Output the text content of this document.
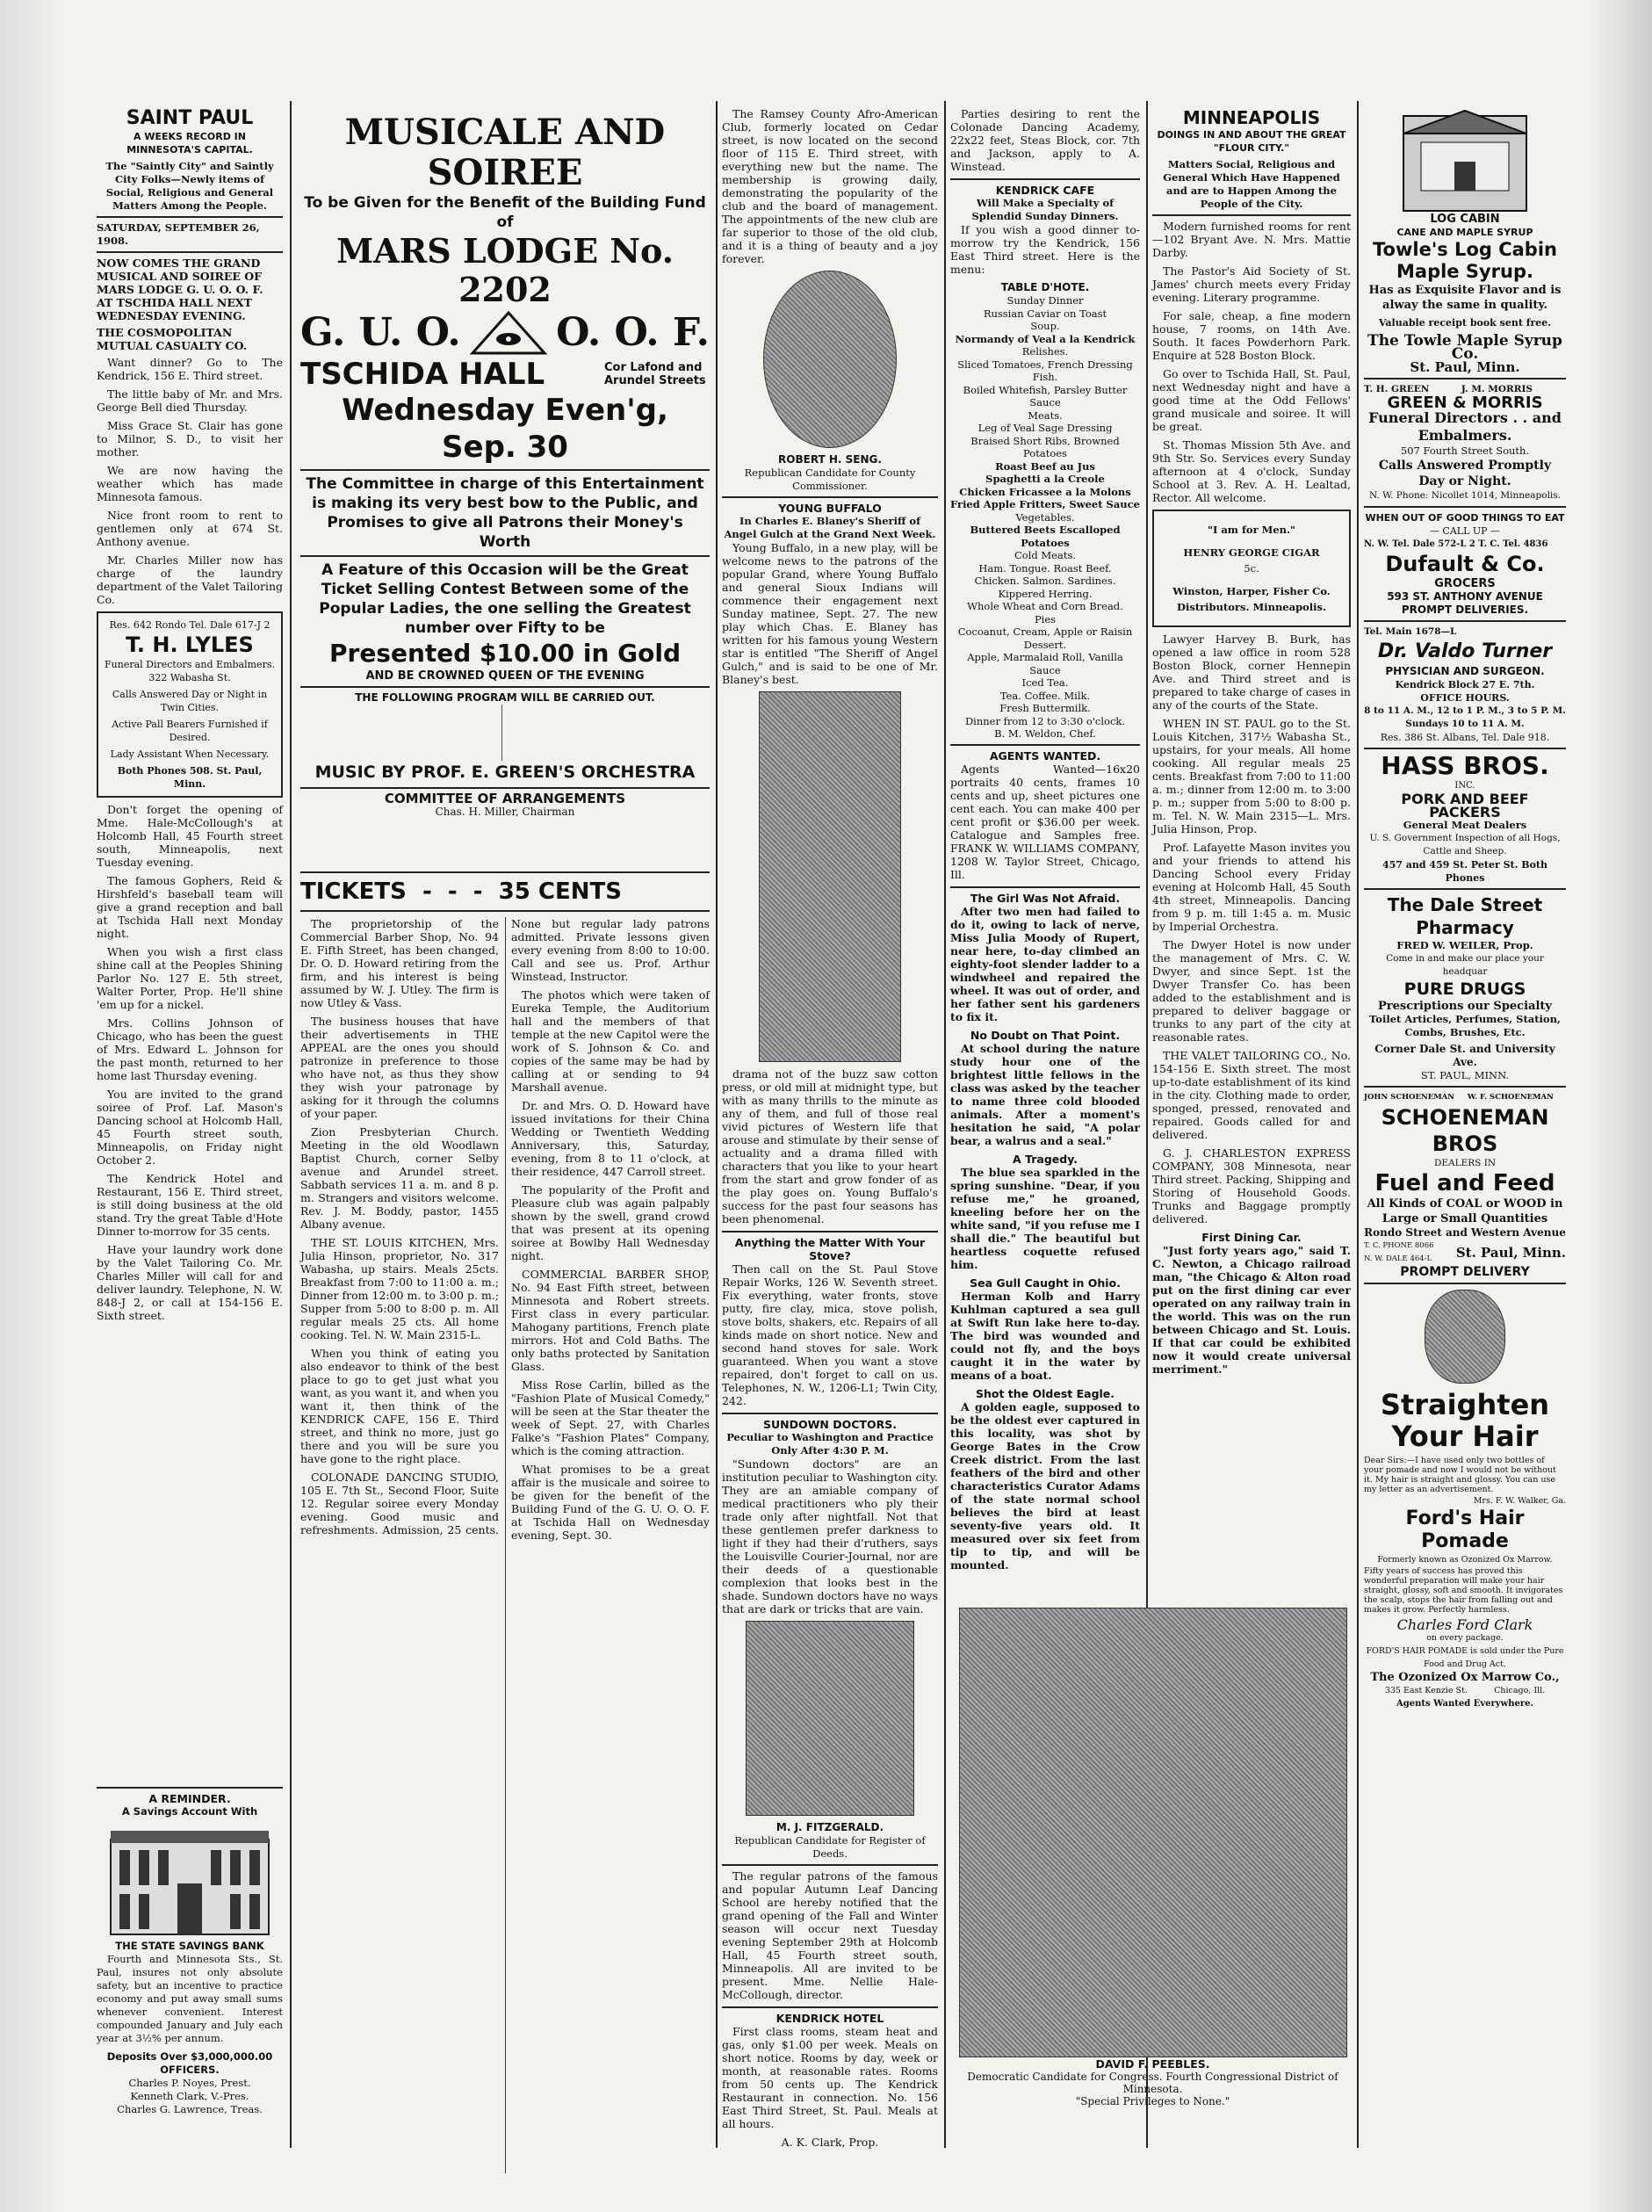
SAINT PAUL
A WEEKS RECORD IN MINNESOTA'S CAPITAL.
The "Saintly City" and Saintly City Folks—Newly items of Social, Religious and General Matters Among the People.
SATURDAY, SEPTEMBER 26, 1908.
NOW COMES THE GRAND MUSICAL AND SOIREE OF MARS LODGE G. U. O. O. F. AT TSCHIDA HALL NEXT WEDNESDAY EVENING.
THE COSMOPOLITAN MUTUAL CASUALTY CO.

Want dinner? Go to The Kendrick, 156 E. Third street.

The little baby of Mr. and Mrs. George Bell died Thursday.

Miss Grace St. Clair has gone to Milnor, S. D., to visit her mother.

We are now having the weather which has made Minnesota famous.

Nice front room to rent to gentlemen only at 674 St. Anthony avenue.

Mr. Charles Miller now has charge of the laundry department of the Valet Tailoring Co.

Res. 642 Rondo Tel. Dale 617-J 2
T. H. LYLES
Funeral Directors and Embalmers. 322 Wabasha St.
Calls Answered Day or Night in Twin Cities.
Active Pall Bearers Furnished if Desired.
Lady Assistant When Necessary.
Both Phones 508. St. Paul, Minn.

Don't forget the opening of Mme. Hale-McCollough's at Holcomb Hall, 45 Fourth street south, Minneapolis, next Tuesday evening.

The famous Gophers, Reid & Hirshfeld's baseball team will give a grand reception and ball at Tschida Hall next Monday night.

When you wish a first class shine call at the Peoples Shining Parlor No. 127 E. 5th street, Walter Porter, Prop. He'll shine 'em up for a nickel.

Mrs. Collins Johnson of Chicago, who has been the guest of Mrs. Edward L. Johnson for the past month, returned to her home last Thursday evening.

You are invited to the grand soiree of Prof. Laf. Mason's Dancing school at Holcomb Hall, 45 Fourth street south, Minneapolis, on Friday night October 2.

The Kendrick Hotel and Restaurant, 156 E. Third street, is still doing business at the old stand. Try the great Table d'Hote Dinner to-morrow for 35 cents.

Have your laundry work done by the Valet Tailoring Co. Mr. Charles Miller will call for and deliver laundry. Telephone, N. W. 848-J 2, or call at 154-156 E. Sixth street.

A REMINDER.
A Savings Account With
THE STATE SAVINGS BANK

Fourth and Minnesota Sts., St. Paul, insures not only absolute safety, but an incentive to practice economy and put away small sums whenever convenient. Interest compounded January and July each year at 3½% per annum.

Deposits Over $3,000,000.00
OFFICERS.
Charles P. Noyes, Prest.
Kenneth Clark, V.-Pres.
Charles G. Lawrence, Treas.
MUSICALE AND SOIREE
To be Given for the Benefit of the Building Fund of
MARS LODGE No. 2202
G. U. O. O. O. F.
TSCHIDA HALL	Cor Lafond and Arundel Streets
Wednesday Even'g, Sep. 30
The Committee in charge of this Entertainment is making its very best bow to the Public, and Promises to give all Patrons their Money's Worth
A Feature of this Occasion will be the Great Ticket Selling Contest Between some of the Popular Ladies, the one selling the Greatest number over Fifty to be
Presented $10.00 in Gold
AND BE CROWNED QUEEN OF THE EVENING
THE FOLLOWING PROGRAM WILL BE CARRIED OUT.
MUSIC BY PROF. E. GREEN'S ORCHESTRA
COMMITTEE OF ARRANGEMENTS
Chas. H. Miller, Chairman
TICKETS  -  -  -  35 CENTS

The proprietorship of the Commercial Barber Shop, No. 94 E. Fifth Street, has been changed, Dr. O. D. Howard retiring from the firm, and his interest is being assumed by W. J. Utley. The firm is now Utley & Vass.

The business houses that have their advertisements in THE APPEAL are the ones you should patronize in preference to those who have not, as thus they show they wish your patronage by asking for it through the columns of your paper.

Zion Presbyterian Church. Meeting in the old Woodlawn Baptist Church, corner Selby avenue and Arundel street. Sabbath services 11 a. m. and 8 p. m. Strangers and visitors welcome. Rev. J. M. Boddy, pastor, 1455 Albany avenue.

THE ST. LOUIS KITCHEN, Mrs. Julia Hinson, proprietor, No. 317 Wabasha, up stairs. Meals 25cts. Breakfast from 7:00 to 11:00 a. m.; Dinner from 12:00 m. to 3:00 p. m.; Supper from 5:00 to 8:00 p. m. All regular meals 25 cts. All home cooking. Tel. N. W. Main 2315-L.

When you think of eating you also endeavor to think of the best place to go to get just what you want, as you want it, and when you want it, then think of the KENDRICK CAFE, 156 E. Third street, and think no more, just go there and you will be sure you have gone to the right place.

COLONADE DANCING STUDIO, 105 E. 7th St., Second Floor, Suite 12. Regular soiree every Monday evening. Good music and refreshments. Admission, 25 cents. None but regular lady patrons admitted. Private lessons given every evening from 8:00 to 10:00. Call and see us. Prof. Arthur Winstead, Instructor.

The photos which were taken of Eureka Temple, the Auditorium hall and the members of that temple at the new Capitol were the work of S. Johnson & Co. and copies of the same may be had by calling at or sending to 94 Marshall avenue.

Dr. and Mrs. O. D. Howard have issued invitations for their China Wedding or Twentieth Wedding Anniversary, this, Saturday, evening, from 8 to 11 o'clock, at their residence, 447 Carroll street.

The popularity of the Profit and Pleasure club was again palpably shown by the swell, grand crowd that was present at its opening soiree at Bowlby Hall Wednesday night.

COMMERCIAL BARBER SHOP, No. 94 East Fifth street, between Minnesota and Robert streets. First class in every particular. Mahogany partitions, French plate mirrors. Hot and Cold Baths. The only baths protected by Sanitation Glass.

Miss Rose Carlin, billed as the "Fashion Plate of Musical Comedy," will be seen at the Star theater the week of Sept. 27, with Charles Falke's "Fashion Plates" Company, which is the coming attraction.

What promises to be a great affair is the musicale and soiree to be given for the benefit of the Building Fund of the G. U. O. O. F. at Tschida Hall on Wednesday evening, Sept. 30.

The Ramsey County Afro-American Club, formerly located on Cedar street, is now located on the second floor of 115 E. Third street, with everything new but the name. The membership is growing daily, demonstrating the popularity of the club and the board of management. The appointments of the new club are far superior to those of the old club, and it is a thing of beauty and a joy forever.

ROBERT H. SENG.
Republican Candidate for County Commissioner.
YOUNG BUFFALO
In Charles E. Blaney's Sheriff of Angel Gulch at the Grand Next Week.

Young Buffalo, in a new play, will be welcome news to the patrons of the popular Grand, where Young Buffalo and general Sioux Indians will commence their engagement next Sunday matinee, Sept. 27. The new play which Chas. E. Blaney has written for his famous young Western star is entitled "The Sheriff of Angel Gulch," and is said to be one of Mr. Blaney's best.

drama not of the buzz saw cotton press, or old mill at midnight type, but with as many thrills to the minute as any of them, and full of those real vivid pictures of Western life that arouse and stimulate by their sense of actuality and a drama filled with characters that you like to your heart from the start and grow fonder of as the play goes on. Young Buffalo's success for the past four seasons has been phenomenal.

Anything the Matter With Your Stove?

Then call on the St. Paul Stove Repair Works, 126 W. Seventh street. Fix everything, water fronts, stove putty, fire clay, mica, stove polish, stove bolts, shakers, etc. Repairs of all kinds made on short notice. New and second hand stoves for sale. Work guaranteed. When you want a stove repaired, don't forget to call on us. Telephones, N. W., 1206-L1; Twin City, 242.

SUNDOWN DOCTORS.
Peculiar to Washington and Practice Only After 4:30 P. M.

"Sundown doctors" are an institution peculiar to Washington city. They are an amiable company of medical practitioners who ply their trade only after nightfall. Not that these gentlemen prefer darkness to light if they had their d'ruthers, says the Louisville Courier-Journal, nor are their deeds of a questionable complexion that looks best in the shade. Sundown doctors have no ways that are dark or tricks that are vain.

M. J. FITZGERALD.
Republican Candidate for Register of Deeds.

The regular patrons of the famous and popular Autumn Leaf Dancing School are hereby notified that the grand opening of the Fall and Winter season will occur next Tuesday evening September 29th at Holcomb Hall, 45 Fourth street south, Minneapolis. All are invited to be present. Mme. Nellie Hale-McCollough, director.

KENDRICK HOTEL

First class rooms, steam heat and gas, only $1.00 per week. Meals on short notice. Rooms by day, week or month, at reasonable rates. Rooms from 50 cents up. The Kendrick Restaurant in connection. No. 156 East Third Street, St. Paul. Meals at all hours.

A. K. Clark, Prop.

Parties desiring to rent the Colonade Dancing Academy, 22x22 feet, Steas Block, cor. 7th and Jackson, apply to A. Winstead.

KENDRICK CAFE
Will Make a Specialty of Splendid Sunday Dinners.

If you wish a good dinner to-morrow try the Kendrick, 156 East Third street. Here is the menu:

TABLE D'HOTE.
Sunday Dinner
Russian Caviar on Toast
Soup.
Normandy of Veal a la Kendrick
Relishes.
Sliced Tomatoes, French Dressing
Fish.
Boiled Whitefish, Parsley Butter Sauce
Meats.
Leg of Veal Sage Dressing
Braised Short Ribs, Browned Potatoes
Roast Beef au Jus
Spaghetti a la Creole
Chicken Fricassee a la Molons
Fried Apple Fritters, Sweet Sauce
Vegetables.
Buttered Beets Escalloped Potatoes
Cold Meats.
Ham. Tongue. Roast Beef.
Chicken. Salmon. Sardines.
Kippered Herring.
Whole Wheat and Corn Bread.
Pies
Cocoanut, Cream, Apple or Raisin
Dessert.
Apple, Marmalaid Roll, Vanilla Sauce
Iced Tea.
Tea. Coffee. Milk.
Fresh Buttermilk.
Dinner from 12 to 3:30 o'clock.
B. M. Weldon, Chef.
AGENTS WANTED.

Agents Wanted—16x20 portraits 40 cents, frames 10 cents and up, sheet pictures one cent each. You can make 400 per cent profit or $36.00 per week. Catalogue and Samples free. FRANK W. WILLIAMS COMPANY, 1208 W. Taylor Street, Chicago, Ill.

The Girl Was Not Afraid.

After two men had failed to do it, owing to lack of nerve, Miss Julia Moody of Rupert, near here, to-day climbed an eighty-foot slender ladder to a windwheel and repaired the wheel. It was out of order, and her father sent his gardeners to fix it.

No Doubt on That Point.

At school during the nature study hour one of the brightest little fellows in the class was asked by the teacher to name three cold blooded animals. After a moment's hesitation he said, "A polar bear, a walrus and a seal."

A Tragedy.

The blue sea sparkled in the spring sunshine. "Dear, if you refuse me," he groaned, kneeling before her on the white sand, "if you refuse me I shall die." The beautiful but heartless coquette refused him.

Sea Gull Caught in Ohio.

Herman Kolb and Harry Kuhlman captured a sea gull at Swift Run lake here to-day. The bird was wounded and could not fly, and the boys caught it in the water by means of a boat.

Shot the Oldest Eagle.

A golden eagle, supposed to be the oldest ever captured in this locality, was shot by George Bates in the Crow Creek district. From the last feathers of the bird and other characteristics Curator Adams of the state normal school believes the bird at least seventy-five years old. It measured over six feet from tip to tip, and will be mounted.

MINNEAPOLIS
DOINGS IN AND ABOUT THE GREAT "FLOUR CITY."
Matters Social, Religious and General Which Have Happened and are to Happen Among the People of the City.

Modern furnished rooms for rent—102 Bryant Ave. N. Mrs. Mattie Darby.

The Pastor's Aid Society of St. James' church meets every Friday evening. Literary programme.

For sale, cheap, a fine modern house, 7 rooms, on 14th Ave. South. It faces Powderhorn Park. Enquire at 528 Boston Block.

Go over to Tschida Hall, St. Paul, next Wednesday night and have a good time at the Odd Fellows' grand musicale and soiree. It will be great.

St. Thomas Mission 5th Ave. and 9th Str. So. Services every Sunday afternoon at 4 o'clock, Sunday School at 3. Rev. A. H. Lealtad, Rector. All welcome.

"I am for Men."
HENRY GEORGE CIGAR
5c.
Winston, Harper, Fisher Co.
Distributors. Minneapolis.

Lawyer Harvey B. Burk, has opened a law office in room 528 Boston Block, corner Hennepin Ave. and Third street and is prepared to take charge of cases in any of the courts of the State.

WHEN IN ST. PAUL go to the St. Louis Kitchen, 317½ Wabasha St., upstairs, for your meals. All home cooking. All regular meals 25 cents. Breakfast from 7:00 to 11:00 a. m.; dinner from 12:00 m. to 3:00 p. m.; supper from 5:00 to 8:00 p. m. Tel. N. W. Main 2315—L. Mrs. Julia Hinson, Prop.

Prof. Lafayette Mason invites you and your friends to attend his Dancing School every Friday evening at Holcomb Hall, 45 South 4th street, Minneapolis. Dancing from 9 p. m. till 1:45 a. m. Music by Imperial Orchestra.

The Dwyer Hotel is now under the management of Mrs. C. W. Dwyer, and since Sept. 1st the Dwyer Transfer Co. has been added to the establishment and is prepared to deliver baggage or trunks to any part of the city at reasonable rates.

THE VALET TAILORING CO., No. 154-156 E. Sixth street. The most up-to-date establishment of its kind in the city. Clothing made to order, sponged, pressed, renovated and repaired. Goods called for and delivered.

G. J. CHARLESTON EXPRESS COMPANY, 308 Minnesota, near Third street. Packing, Shipping and Storing of Household Goods. Trunks and Baggage promptly delivered.

First Dining Car.

"Just forty years ago," said T. C. Newton, a Chicago railroad man, "the Chicago & Alton road put on the first dining car ever operated on any railway train in the world. This was on the run between Chicago and St. Louis. If that car could be exhibited now it would create universal merriment."

DAVID F. PEEBLES.
Democratic Candidate for Congress. Fourth Congressional District of Minnesota.
"Special Privileges to None."
LOG CABIN
CANE AND MAPLE SYRUP
Towle's Log Cabin Maple Syrup.
Has as Exquisite Flavor and is alway the same in quality.
Valuable receipt book sent free.
The Towle Maple Syrup Co.
St. Paul, Minn.
T. H. GREEN          J. M. MORRIS
GREEN & MORRIS
Funeral Directors . . and Embalmers.
507 Fourth Street South.
Calls Answered Promptly Day or Night.
N. W. Phone: Nicollet 1014, Minneapolis.
WHEN OUT OF GOOD THINGS TO EAT
— CALL UP —
N. W. Tel. Dale 572-L 2 T. C. Tel. 4836
Dufault & Co.
GROCERS
593 ST. ANTHONY AVENUE
PROMPT DELIVERIES.
Tel. Main 1678—L
Dr. Valdo Turner
PHYSICIAN AND SURGEON.
Kendrick Block 27 E. 7th.
OFFICE HOURS.
8 to 11 A. M., 12 to 1 P. M., 3 to 5 P. M.
Sundays 10 to 11 A. M.
Res. 386 St. Albans, Tel. Dale 918.
HASS BROS.
INC.
PORK AND BEEF PACKERS
General Meat Dealers
U. S. Government Inspection of all Hogs, Cattle and Sheep.
457 and 459 St. Peter St. Both Phones
The Dale Street Pharmacy
FRED W. WEILER, Prop.
Come in and make our place your headquar
PURE DRUGS
Prescriptions our Specialty
Toilet Articles, Perfumes, Station, Combs, Brushes, Etc.
Corner Dale St. and University Ave.
ST. PAUL, MINN.
JOHN SCHOENEMAN     W. F. SCHOENEMAN
SCHOENEMAN BROS
DEALERS IN
Fuel and Feed
All Kinds of COAL or WOOD in Large or Small Quantities
Rondo Street and Western Avenue
T. C. PHONE 8066 N. W. DALE 464-L St. Paul, Minn.
PROMPT DELIVERY
Straighten Your Hair
Dear Sirs:—I have used only two bottles of your pomade and now I would not be without it. My hair is straight and glossy. You can use my letter as an advertisement.
Mrs. F. W. Walker, Ga.
Ford's Hair Pomade
Formerly known as Ozonized Ox Marrow.
Fifty years of success has proved this wonderful preparation will make your hair straight, glossy, soft and smooth. It invigorates the scalp, stops the hair from falling out and makes it grow. Perfectly harmless.
Charles Ford Clark
on every package.
FORD'S HAIR POMADE is sold under the Pure Food and Drug Act.
The Ozonized Ox Marrow Co.,
335 East Kenzie St.          Chicago, Ill.
Agents Wanted Everywhere.
